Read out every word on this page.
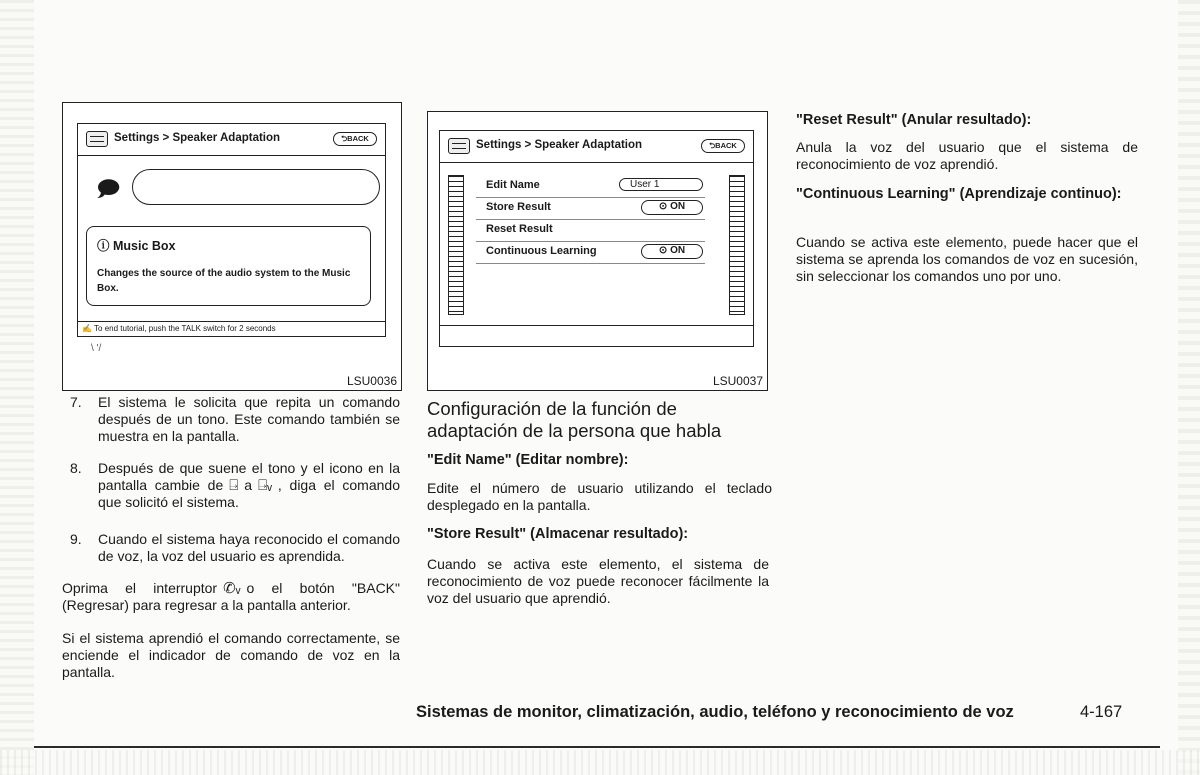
Settings > Speaker Adaptation	⮌BACK
🗩
ⓘ Music Box
Changes the source of the audio system to the Music Box.
✍ To end tutorial, push the TALK switch for 2 seconds
\ '/
LSU0036
Settings > Speaker Adaptation	⮌BACK
Edit Name	User 1
Store Result	⊙ ON
Reset Result
Continuous Learning	⊙ ON
LSU0037
7.	El sistema le solicita que repita un comando después de un tono. Este comando también se muestra en la pantalla.
8.	Después de que suene el tono y el icono en la pantalla cambie de ⍈ a ⍈ᵥ , diga el comando que solicitó el sistema.
9.	Cuando el sistema haya reconocido el comando de voz, la voz del usuario es aprendida.
Oprima el interruptor ✆ᵥ o el botón "BACK" (Regresar) para regresar a la pantalla anterior.
Si el sistema aprendió el comando correctamente, se enciende el indicador de comando de voz en la pantalla.
Configuración de la función de adaptación de la persona que habla
"Edit Name" (Editar nombre):
Edite el número de usuario utilizando el teclado desplegado en la pantalla.
"Store Result" (Almacenar resultado):
Cuando se activa este elemento, el sistema de reconocimiento de voz puede reconocer fácilmente la voz del usuario que aprendió.
"Reset Result" (Anular resultado):
Anula la voz del usuario que el sistema de reconocimiento de voz aprendió.
"Continuous Learning" (Aprendizaje continuo):
Cuando se activa este elemento, puede hacer que el sistema se aprenda los comandos de voz en sucesión, sin seleccionar los comandos uno por uno.
Sistemas de monitor, climatización, audio, teléfono y reconocimiento de voz	4-167
